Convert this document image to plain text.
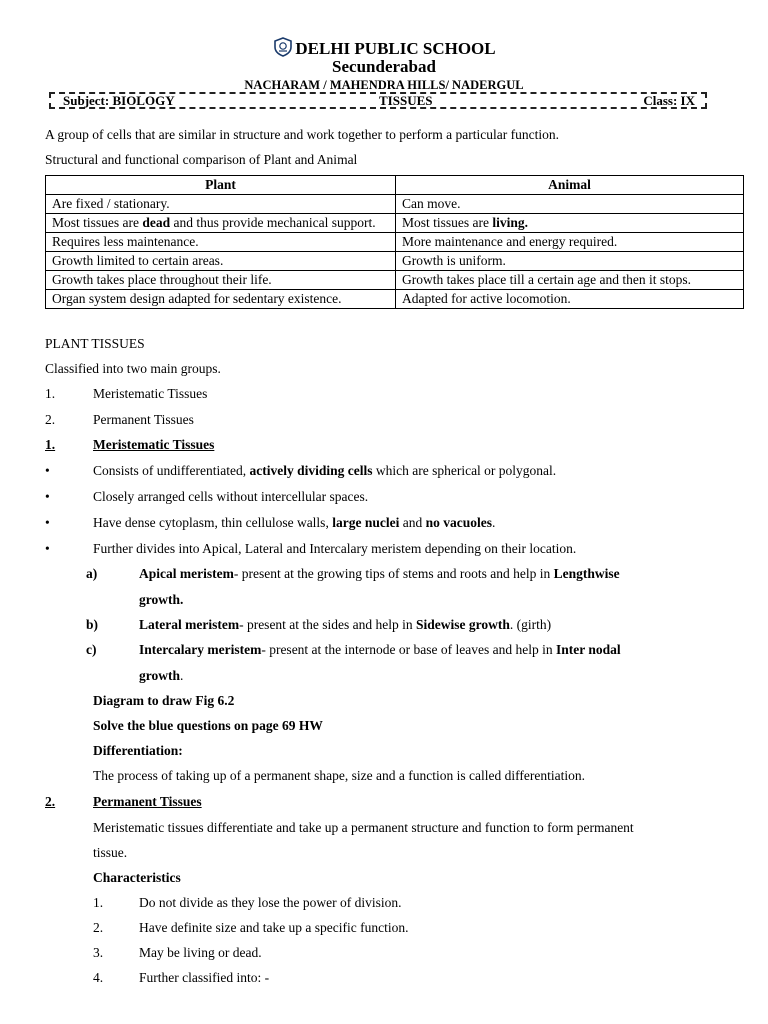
DELHI PUBLIC SCHOOL
Secunderabad
NACHARAM / MAHENDRA HILLS/ NADERGUL
Subject: BIOLOGY	TISSUES	Class: IX
A group of cells that are similar in structure and work together to perform a particular function.
Structural and functional comparison of Plant and Animal
Plant	Animal
Are fixed / stationary.	Can move.
Most tissues are dead and thus provide mechanical support.	Most tissues are living.
Requires less maintenance.	More maintenance and energy required.
Growth limited to certain areas.	Growth is uniform.
Growth takes place throughout their life.	Growth takes place till a certain age and then it stops.
Organ system design adapted for sedentary existence.	Adapted for active locomotion.
PLANT TISSUES
Classified into two main groups.
1.	Meristematic Tissues
2.	Permanent Tissues
1.	Meristematic Tissues
•	Consists of undifferentiated, actively dividing cells which are spherical or polygonal.
•	Closely arranged cells without intercellular spaces.
•	Have dense cytoplasm, thin cellulose walls, large nuclei and no vacuoles.
•	Further divides into Apical, Lateral and Intercalary meristem depending on their location.
a)	Apical meristem- present at the growing tips of stems and roots and help in Lengthwise
growth.
b)	Lateral meristem- present at the sides and help in Sidewise growth. (girth)
c)	Intercalary meristem- present at the internode or base of leaves and help in Inter nodal
growth.
Diagram to draw Fig 6.2
Solve the blue questions on page 69 HW
Differentiation:
The process of taking up of a permanent shape, size and a function is called differentiation.
2.	Permanent Tissues
Meristematic tissues differentiate and take up a permanent structure and function to form permanent
tissue.
Characteristics
1.	Do not divide as they lose the power of division.
2.	Have definite size and take up a specific function.
3.	May be living or dead.
4.	Further classified into: -
